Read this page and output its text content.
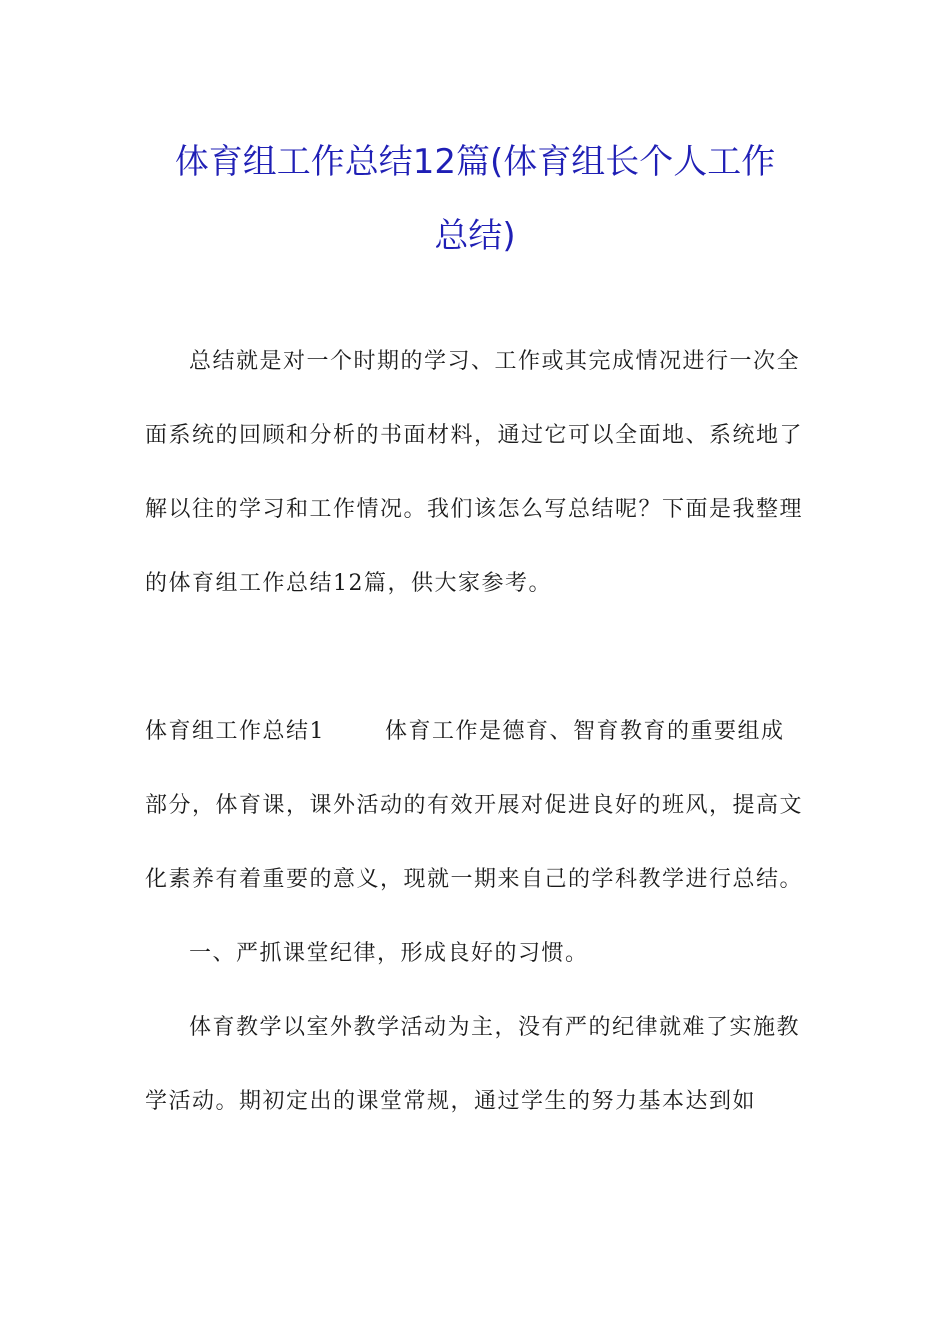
体育组工作总结12篇(体育组长个人工作
总结)

总结就是对一个时期的学习、工作或其完成情况进行一次全面系统的回顾和分析的书面材料，通过它可以全面地、系统地了解以往的学习和工作情况。我们该怎么写总结呢？下面是我整理的体育组工作总结12篇，供大家参考。

体育组工作总结1	体育工作是德育、智育教育的重要组成部分，体育课，课外活动的有效开展对促进良好的班风，提高文化素养有着重要的意义，现就一期来自己的学科教学进行总结。

一、严抓课堂纪律，形成良好的习惯。

体育教学以室外教学活动为主，没有严的纪律就难了实施教学活动。期初定出的课堂常规，通过学生的努力基本达到如
